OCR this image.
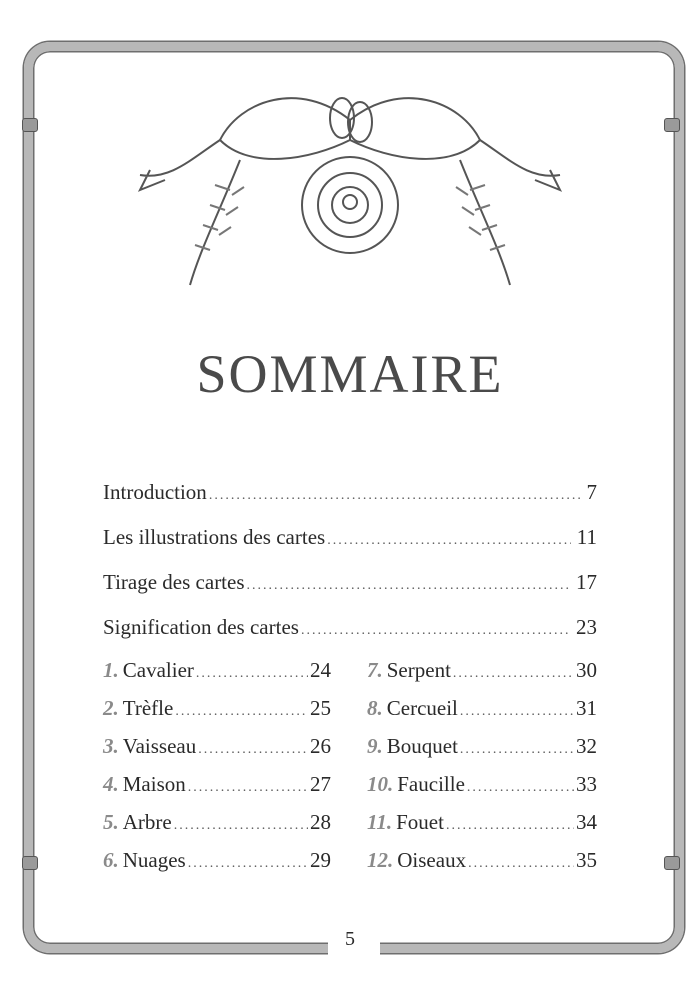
SOMMAIRE
Introduction .....	7
Les illustrations des cartes .....	11
Tirage des cartes .....	17
Signification des cartes .....	23
1. Cavalier .....	24
2. Trèfle .....	25
3. Vaisseau .....	26
4. Maison .....	27
5. Arbre .....	28
6. Nuages .....	29
7. Serpent .....	30
8. Cercueil .....	31
9. Bouquet .....	32
10. Faucille .....	33
11. Fouet .....	34
12. Oiseaux .....	35
5
